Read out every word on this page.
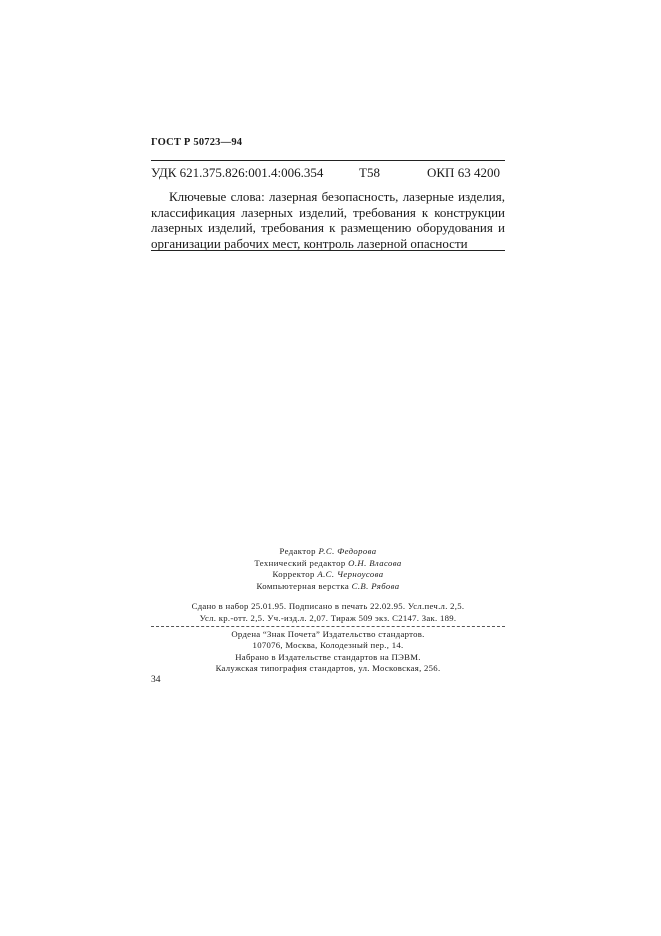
ГОСТ Р 50723—94
УДК 621.375.826:001.4:006.354	Т58	ОКП 63 4200

Ключевые слова: лазерная безопасность, лазерные изделия, классификация лазерных изделий, требования к конструкции лазерных изделий, требования к размещению оборудования и организации рабочих мест, контроль лазерной опасности

Редактор Р.С. Федорова
Технический редактор О.Н. Власова
Корректор А.С. Черноусова
Компьютерная верстка С.В. Рябова
Сдано в набор 25.01.95. Подписано в печать 22.02.95. Усл.печ.л. 2,5.
Усл. кр.-отт. 2,5. Уч.-изд.л. 2,07. Тираж 509 экз. С2147. Зак. 189.
Ордена “Знак Почета” Издательство стандартов.
107076, Москва, Колодезный пер., 14.
Набрано в Издательстве стандартов на ПЭВМ.
Калужская типография стандартов, ул. Московская, 256.
34
